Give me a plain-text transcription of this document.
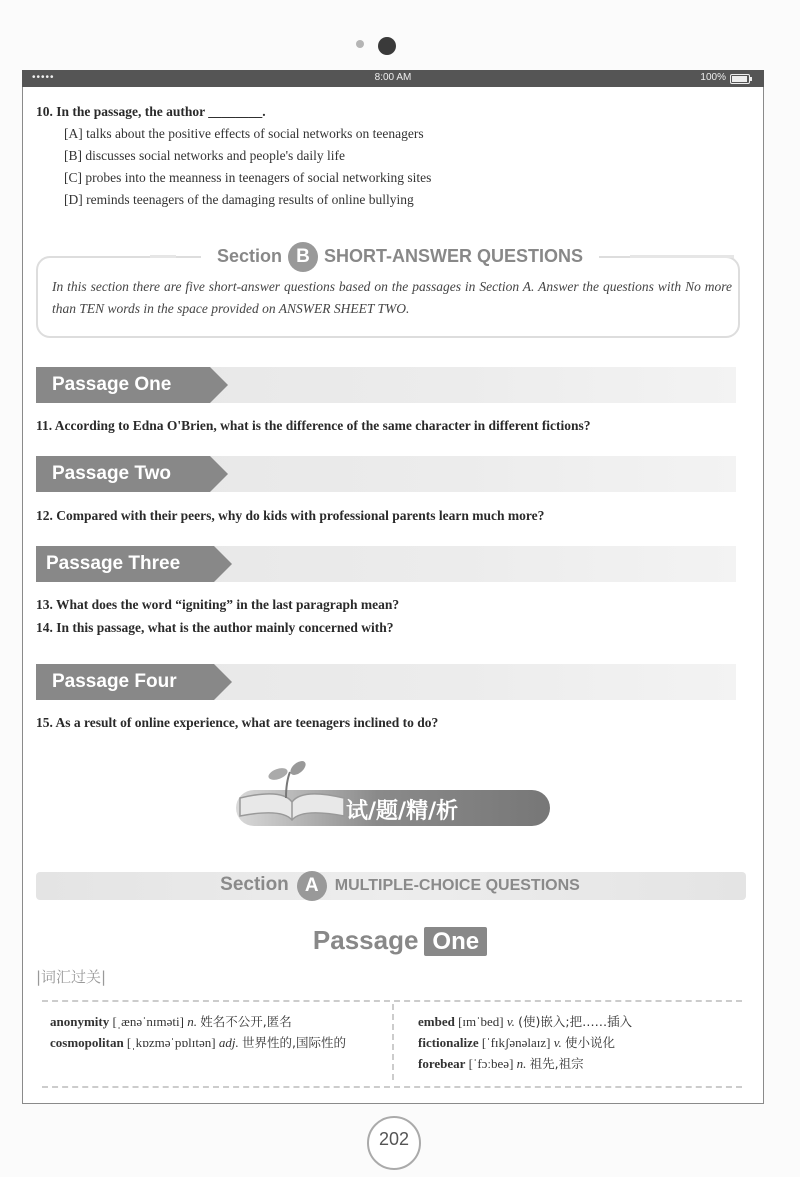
•••••	8:00 AM	100%
10. In the passage, the author ________.
[A] talks about the positive effects of social networks on teenagers
[B] discusses social networks and people's daily life
[C] probes into the meanness in teenagers of social networking sites
[D] reminds teenagers of the damaging results of online bullying
Section B SHORT-ANSWER QUESTIONS
In this section there are five short-answer questions based on the passages in Section A. Answer the questions with No more than TEN words in the space provided on ANSWER SHEET TWO.
Passage One
11. According to Edna O'Brien, what is the difference of the same character in different fictions?
Passage Two
12. Compared with their peers, why do kids with professional parents learn much more?
Passage Three
13. What does the word “igniting” in the last paragraph mean?
14. In this passage, what is the author mainly concerned with?
Passage Four
15. As a result of online experience, what are teenagers inclined to do?
试/题/精/析
Section A MULTIPLE-CHOICE QUESTIONS
Passage One
|词汇过关|
anonymity [ˌænəˈnɪməti] n. 姓名不公开,匿名
cosmopolitan [ˌkɒzməˈpɒlɪtən] adj. 世界性的,国际性的
embed [ɪmˈbed] v. (使)嵌入;把……插入
fictionalize [ˈfɪkʃənəlaɪz] v. 使小说化
forebear [ˈfɔːbeə] n. 祖先,祖宗
202
